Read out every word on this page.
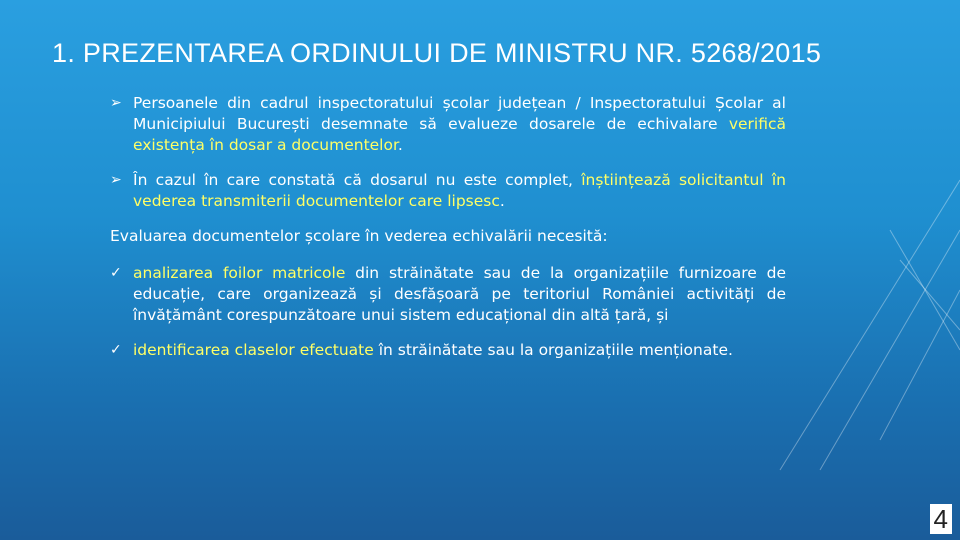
1. PREZENTAREA ORDINULUI DE MINISTRU NR. 5268/2015
➢ Persoanele din cadrul inspectoratului școlar județean / Inspectoratului Școlar al Municipiului București desemnate să evalueze dosarele de echivalare verifică existența în dosar a documentelor.
➢ În cazul în care constată că dosarul nu este complet, înștiințează solicitantul în vederea transmiterii documentelor care lipsesc.
Evaluarea documentelor școlare în vederea echivalării necesită:
✓ analizarea foilor matricole din străinătate sau de la organizațiile furnizoare de educație, care organizează și desfășoară pe teritoriul României activități de învățământ corespunzătoare unui sistem educațional din altă țară, și
✓ identificarea claselor efectuate în străinătate sau la organizațiile menționate.
4
